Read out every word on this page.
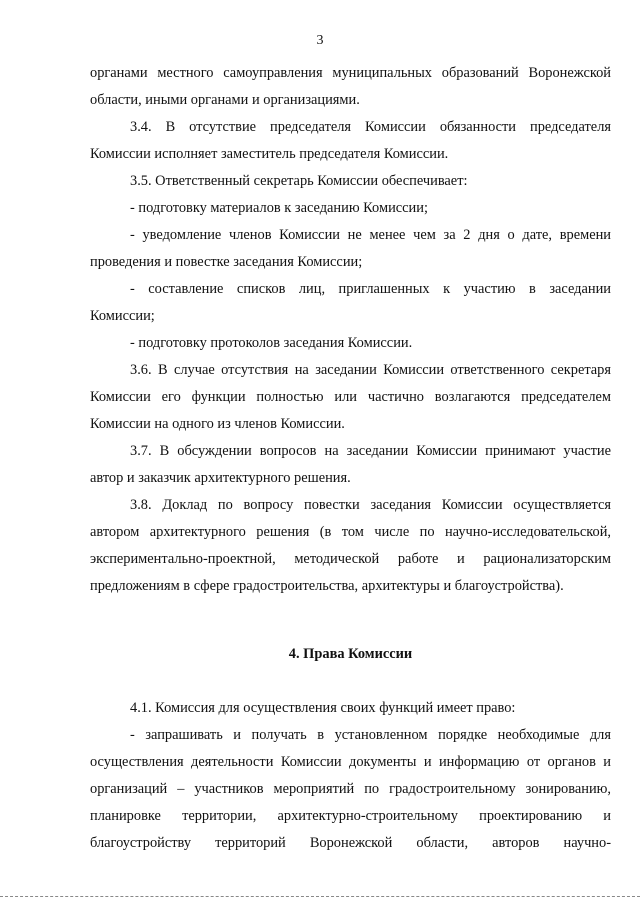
3
органами местного самоуправления муниципальных образований Воронежской
области, иными органами и организациями.
3.4. В отсутствие председателя Комиссии обязанности председателя
Комиссии исполняет заместитель председателя Комиссии.
3.5. Ответственный секретарь Комиссии обеспечивает:
- подготовку материалов к заседанию Комиссии;
- уведомление членов Комиссии не менее чем за 2 дня о дате, времени
проведения и повестке заседания Комиссии;
- составление списков лиц, приглашенных к участию в заседании
Комиссии;
- подготовку протоколов заседания Комиссии.
3.6. В случае отсутствия на заседании Комиссии ответственного секретаря
Комиссии его функции полностью или частично возлагаются председателем
Комиссии на одного из членов Комиссии.
3.7. В обсуждении вопросов на заседании Комиссии принимают участие
автор и заказчик архитектурного решения.
3.8. Доклад по вопросу повестки заседания Комиссии осуществляется
автором архитектурного решения (в том числе по научно-исследовательской,
экспериментально-проектной, методической работе и рационализаторским
предложениям в сфере градостроительства, архитектуры и благоустройства).
4. Права Комиссии
4.1. Комиссия для осуществления своих функций имеет право:
- запрашивать и получать в установленном порядке необходимые для
осуществления деятельности Комиссии документы и информацию от органов и
организаций – участников мероприятий по градостроительному зонированию,
планировке территории, архитектурно-строительному проектированию и
благоустройству территорий Воронежской области, авторов научно-
